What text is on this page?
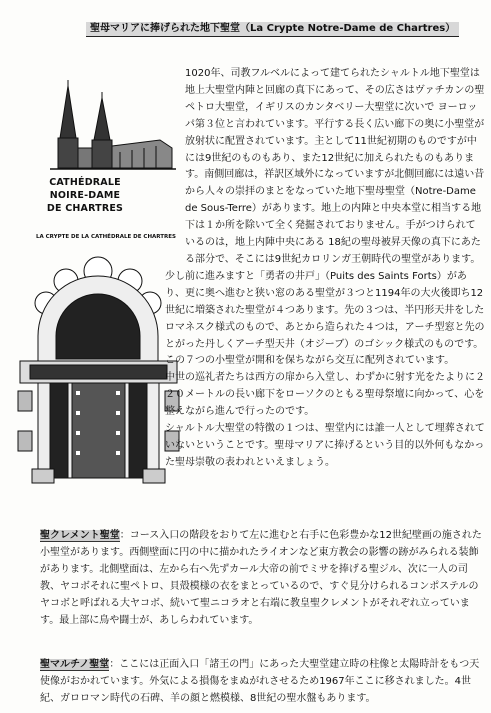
聖母マリアに捧げられた地下聖堂（La Crypte Notre-Dame de Chartres）
CATHÉDRALE NOIRE-DAME
DE CHARTRES
LA CRYPTE DE LA CATHÉDRALE DE CHARTRES

1020年、司教フルベルによって建てられたシャルトル地下聖堂は地上大聖堂内陣と回廊の真下にあって、その広さはヴァチカンの聖ペトロ大聖堂，イギリスのカンタベリー大聖堂に次いで ヨーロッパ第３位と言われています。平行する長く広い廊下の奥に小聖堂が放射状に配置されています。主として11世紀初期のものですが中には9世紀のものもあり、また12世紀に加えられたものもあります。南側回廊は，祥訳区域外になっていますが北側回廊には遠い昔から人々の崇拝のまとをなっていた地下聖母聖堂（Notre-Dame de Sous-Terre）があります。地上の内陣と中央本堂に相当する地下は１か所を除いて全く発掘されておりません。手がつけられているのは，地上内陣中央にある 18紀の聖母被昇天像の真下にあたる部分で、そこには9世紀カロリンガ王朝時代の聖堂があります。

少し前に進みますと「勇者の井戸」（Puits des Saints Forts）があり、更に奥へ進むと狭い窓のある聖堂が３つと1194年の大火後即ち12世紀に増築された聖堂が４つあります。先の３つは、半円形天井をしたロマネスク様式のもので、あとから造られた４つは，アーチ型窓と先のとがった丹しくアーチ型天井（オジーブ）のゴシック様式のものです。この７つの小聖堂が開和を保ちながら交互に配列されています。

中世の巡礼者たちは西方の扉から入堂し、わずかに射す光をたよりに２２０メートルの長い廊下をローソクのともる聖母祭壇に向かって、心を整えながら進んで行ったのです。

シャルトル大聖堂の特徴の１つは、聖堂内には誰一人として埋葬されていないということです。聖母マリアに捧げるという目的以外何もなかった聖母崇敬の表われといえましょう。

聖クレメント聖堂：コース入口の階段をおりて左に進むと右手に色彩豊かな12世紀壁画の施された小聖堂があります。西側壁面に円の中に描かれたライオンなど東方教会の影響の跡がみられる装飾があります。北側壁面は、左から右へ先ずカール大帝の前でミサを捧げる聖ジル、次に一人の司教、ヤコボそれに聖ペトロ、貝殻模様の衣をまとっているので、すぐ見分けられるコンポステルのヤコボと呼ばれる大ヤコボ、続いて聖ニコラオと右端に教皇聖クレメントがそれぞれ立っています。最上部に鳥や闘士が、あしらわれています。
聖マルチノ聖堂：ここには正面入口「諸王の門」にあった大聖堂建立時の柱像と太陽時計をもつ天使像がおかれています。外気による損傷をまぬがれさせるため1967年ここに移されました。4世紀、ガロロマン時代の石碑、羊の顔と燃模様、8世紀の聖水盤もあります。
